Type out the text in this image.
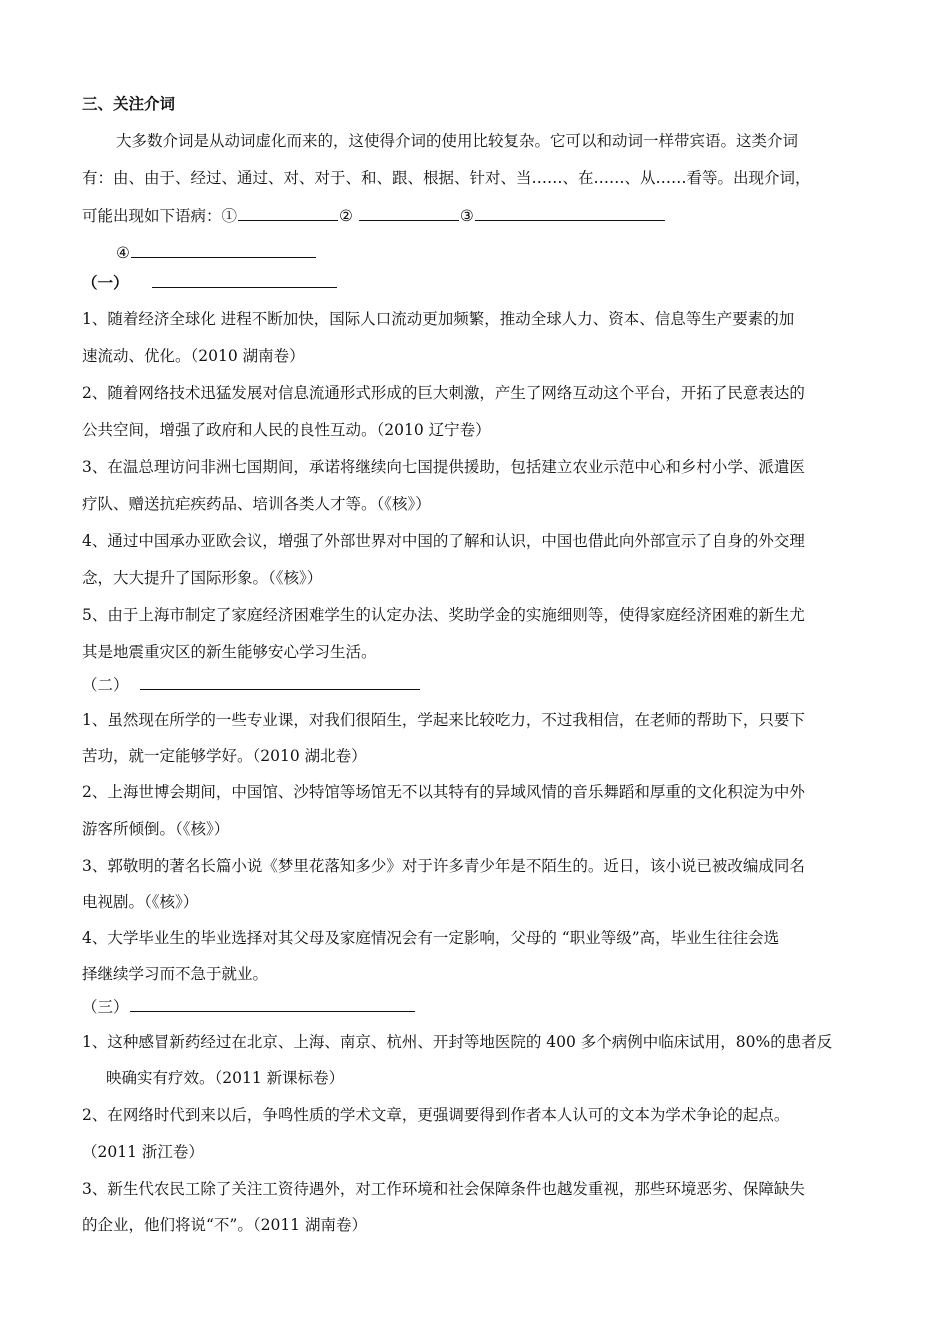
三、关注介词
大多数介词是从动词虚化而来的，这使得介词的使用比较复杂。它可以和动词一样带宾语。这类介词
有：由、由于、经过、通过、对、对于、和、跟、根据、针对、当……、在……、从……看等。出现介词，
可能出现如下语病：①	②	③
④
（一）
1、随着经济全球化 进程不断加快，国际人口流动更加频繁，推动全球人力、资本、信息等生产要素的加
速流动、优化。（2010 湖南卷）
2、随着网络技术迅猛发展对信息流通形式形成的巨大刺激，产生了网络互动这个平台，开拓了民意表达的
公共空间，增强了政府和人民的良性互动。（2010 辽宁卷）
3、在温总理访问非洲七国期间，承诺将继续向七国提供援助，包括建立农业示范中心和乡村小学、派遣医
疗队、赠送抗疟疾药品、培训各类人才等。（《核》）
4、通过中国承办亚欧会议，增强了外部世界对中国的了解和认识，中国也借此向外部宣示了自身的外交理
念，大大提升了国际形象。（《核》）
5、由于上海市制定了家庭经济困难学生的认定办法、奖助学金的实施细则等，使得家庭经济困难的新生尤
其是地震重灾区的新生能够安心学习生活。
（二）
1、虽然现在所学的一些专业课，对我们很陌生，学起来比较吃力，不过我相信，在老师的帮助下，只要下
苦功，就一定能够学好。（2010 湖北卷）
2、上海世博会期间，中国馆、沙特馆等场馆无不以其特有的异域风情的音乐舞蹈和厚重的文化积淀为中外
游客所倾倒。（《核》）
3、郭敬明的著名长篇小说《梦里花落知多少》对于许多青少年是不陌生的。近日，该小说已被改编成同名
电视剧。（《核》）
4、大学毕业生的毕业选择对其父母及家庭情况会有一定影响，父母的 “职业等级”高，毕业生往往会选
择继续学习而不急于就业。
（三）
1、这种感冒新药经过在北京、上海、南京、杭州、开封等地医院的 400 多个病例中临床试用，80%的患者反
映确实有疗效。（2011 新课标卷）
2、在网络时代到来以后，争鸣性质的学术文章，更强调要得到作者本人认可的文本为学术争论的起点。
（2011 浙江卷）
3、新生代农民工除了关注工资待遇外，对工作环境和社会保障条件也越发重视，那些环境恶劣、保障缺失
的企业，他们将说“不”。（2011 湖南卷）
